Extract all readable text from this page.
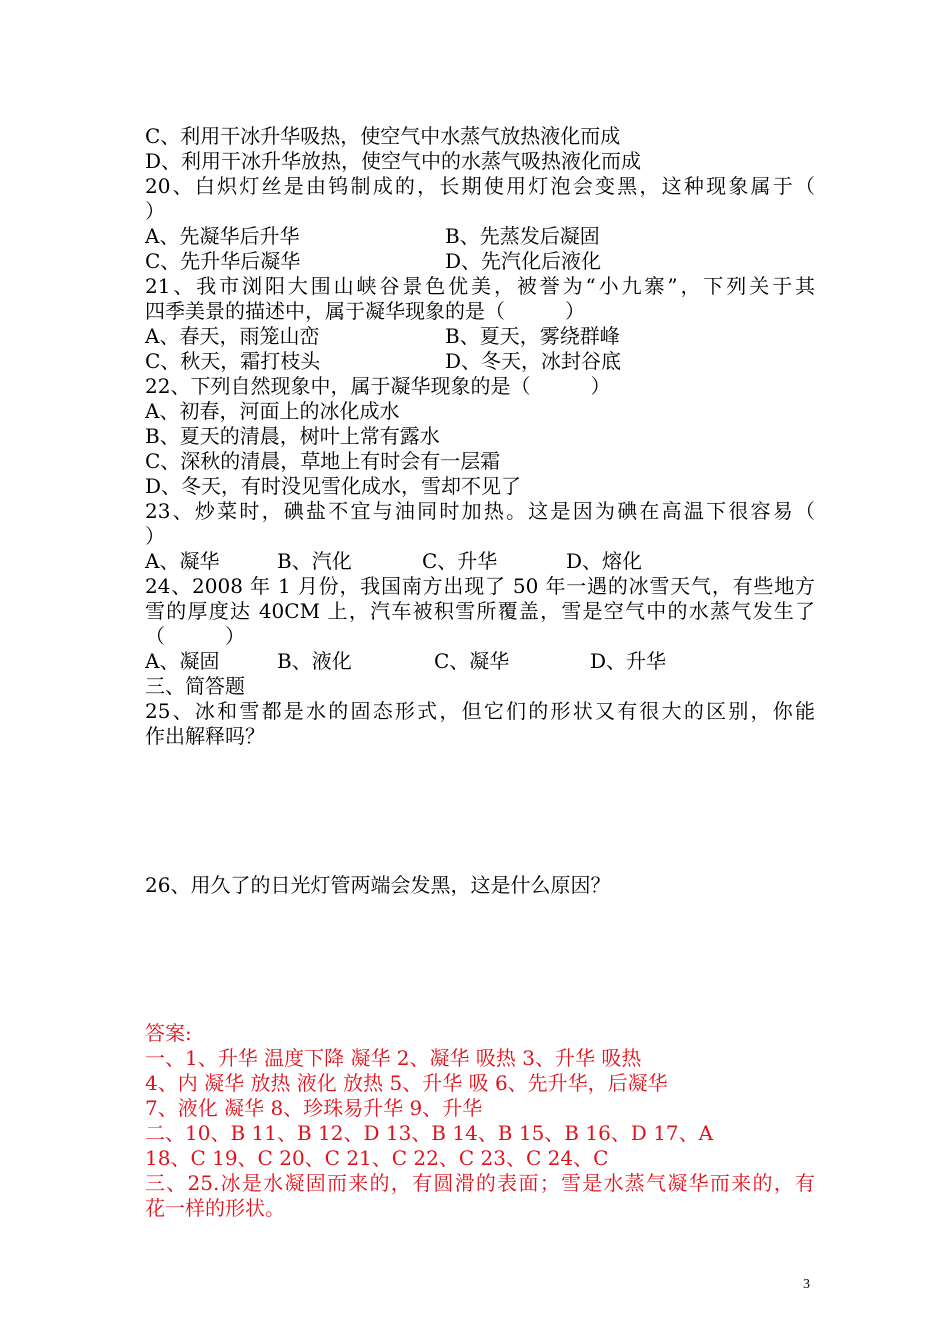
C、利用干冰升华吸热，使空气中水蒸气放热液化而成
D、利用干冰升华放热，使空气中的水蒸气吸热液化而成
20、白炽灯丝是由钨制成的，长期使用灯泡会变黑，这种现象属于（
）
A、先凝华后升华	B、先蒸发后凝固
C、先升华后凝华	D、先汽化后液化
21、我市浏阳大围山峡谷景色优美，被誉为“小九寨”，下列关于其
四季美景的描述中，属于凝华现象的是（　　　）
A、春天，雨笼山峦	B、夏天，雾绕群峰
C、秋天，霜打枝头	D、冬天，冰封谷底
22、下列自然现象中，属于凝华现象的是（　　　）
A、初春，河面上的冰化成水
B、夏天的清晨，树叶上常有露水
C、深秋的清晨，草地上有时会有一层霜
D、冬天，有时没见雪化成水，雪却不见了
23、炒菜时，碘盐不宜与油同时加热。这是因为碘在高温下很容易（
）
A、凝华	B、汽化	C、升华	D、熔化
24、2008 年 1 月份，我国南方出现了 50 年一遇的冰雪天气，有些地方
雪的厚度达 40CM 上，汽车被积雪所覆盖，雪是空气中的水蒸气发生了
（　　　）
A、凝固	B、液化	C、凝华	D、升华
三、简答题
25、冰和雪都是水的固态形式，但它们的形状又有很大的区别，你能
作出解释吗？
26、用久了的日光灯管两端会发黑，这是什么原因？
答案:
一、1、升华 温度下降 凝华 2、凝华 吸热 3、升华 吸热
4、内 凝华 放热 液化 放热 5、升华 吸 6、先升华，后凝华
7、液化 凝华 8、珍珠易升华 9、升华
二、10、B 11、B 12、D 13、B 14、B 15、B 16、D 17、A
18、C 19、C 20、C 21、C 22、C 23、C 24、C
三、25.冰是水凝固而来的，有圆滑的表面；雪是水蒸气凝华而来的，有
花一样的形状。
3
